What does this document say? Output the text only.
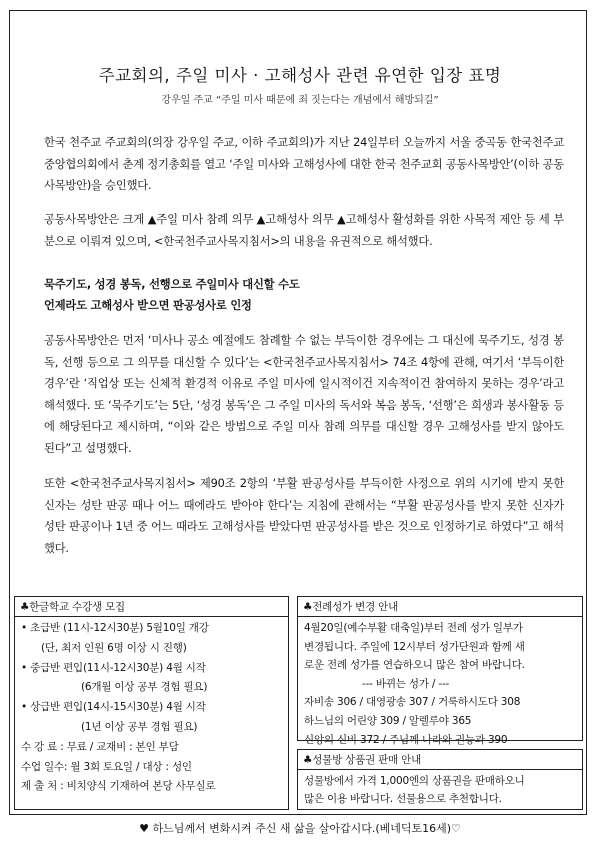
주교회의, 주일 미사 · 고해성사 관련 유연한 입장 표명
강우일 주교 “주일 미사 때문에 죄 짓는다는 개념에서 해방되길”
한국 천주교 주교회의(의장 강우일 주교, 이하 주교회의)가 지난 24일부터 오늘까지 서울 중곡동 한국천주교중앙협의회에서 춘계 정기총회를 열고 ‘주일 미사와 고해성사에 대한 한국 천주교회 공동사목방안’(이하 공동사목방안)을 승인했다.
공동사목방안은 크게 ▲주일 미사 참례 의무 ▲고해성사 의무 ▲고해성사 활성화를 위한 사목적 제안 등 세 부분으로 이뤄져 있으며, <한국천주교사목지침서>의 내용을 유권적으로 해석했다.
묵주기도, 성경 봉독, 선행으로 주일미사 대신할 수도
언제라도 고해성사 받으면 판공성사로 인정
공동사목방안은 먼저 ‘미사나 공소 예절에도 참례할 수 없는 부득이한 경우에는 그 대신에 묵주기도, 성경 봉독, 선행 등으로 그 의무를 대신할 수 있다’는 <한국천주교사목지침서> 74조 4항에 관해, 여기서 ‘부득이한 경우’란 ‘직업상 또는 신체적 환경적 이유로 주일 미사에 일시적이건 지속적이건 참여하지 못하는 경우’라고 해석했다. 또 ‘묵주기도’는 5단, ‘성경 봉독’은 그 주일 미사의 독서와 복음 봉독, ‘선행’은 희생과 봉사활동 등에 해당된다고 제시하며, “이와 같은 방법으로 주일 미사 참례 의무를 대신할 경우 고해성사를 받지 않아도 된다”고 설명했다.
또한 <한국천주교사목지침서> 제90조 2항의 ‘부활 판공성사를 부득이한 사정으로 위의 시기에 받지 못한 신자는 성탄 판공 때나 어느 때에라도 받아야 한다’는 지침에 관해서는 “부활 판공성사를 받지 못한 신자가 성탄 판공이나 1년 중 어느 때라도 고해성사를 받았다면 판공성사를 받은 것으로 인정하기로 하였다”고 해석했다.
♣한글학교 수강생 모집
• 초급반 (11시-12시30분) 5월10일 개강
(단, 최저 인원 6명 이상 시 진행)
• 중급반 편입(11시-12시30분) 4월 시작
(6개월 이상 공부 경험 필요)
• 상급반 편입(14시-15시30분) 4월 시작
(1년 이상 공부 경험 필요)
수 강 료 : 무료 / 교재비 : 본인 부담
수업 일수: 월 3회 토요일 / 대상 : 성인
제 출 처 : 비치양식 기재하여 본당 사무실로
♣전례성가 변경 안내
4월20일(예수부활 대축일)부터 전례 성가 일부가
변경됩니다. 주일에 12시부터 성가단원과 함께 새
로운 전례 성가를 연습하오니 많은 참여 바랍니다.
--- 바뀌는 성가 / ---
자비송 306 / 대영광송 307 / 거룩하시도다 308
하느님의 어린양 309 / 알렐루야 365
신앙의 신비 372 / 주님께 나라와 권능과 390
♣성물방 상품권 판매 안내
성물방에서 가격 1,000엔의 상품권을 판매하오니
많은 이용 바랍니다. 선물용으로 추천합니다.
♥ 하느님께서 변화시켜 주신 새 삶을 살아갑시다.(베네딕토16세)♡
